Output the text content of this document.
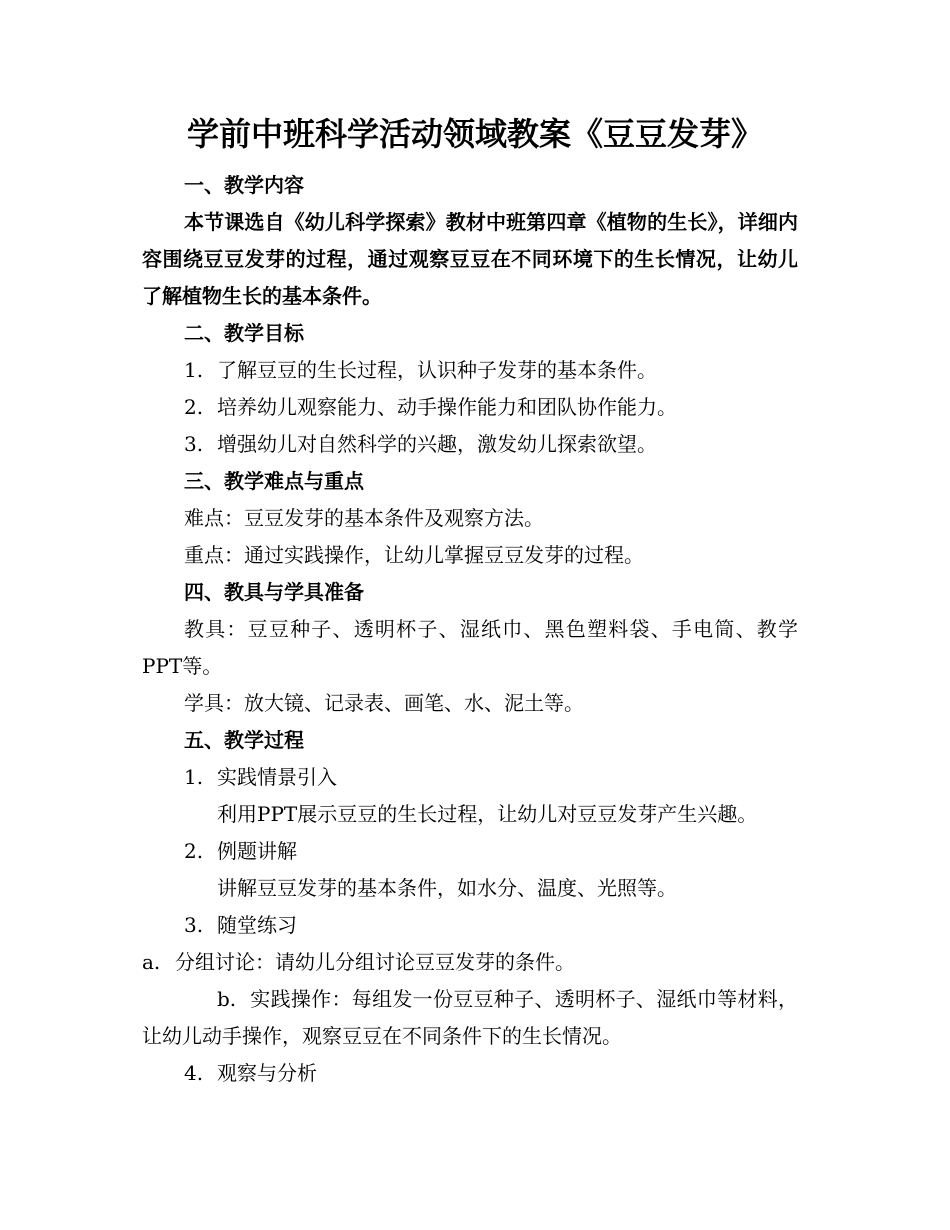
学前中班科学活动领域教案《豆豆发芽》

一、教学内容

本节课选自《幼儿科学探索》教材中班第四章《植物的生长》，详细内容围绕豆豆发芽的过程，通过观察豆豆在不同环境下的生长情况，让幼儿了解植物生长的基本条件。

二、教学目标

1. 了解豆豆的生长过程，认识种子发芽的基本条件。

2. 培养幼儿观察能力、动手操作能力和团队协作能力。

3. 增强幼儿对自然科学的兴趣，激发幼儿探索欲望。

三、教学难点与重点

难点：豆豆发芽的基本条件及观察方法。

重点：通过实践操作，让幼儿掌握豆豆发芽的过程。

四、教具与学具准备

教具：豆豆种子、透明杯子、湿纸巾、黑色塑料袋、手电筒、教学PPT等。

学具：放大镜、记录表、画笔、水、泥土等。

五、教学过程

1. 实践情景引入

利用PPT展示豆豆的生长过程，让幼儿对豆豆发芽产生兴趣。

2. 例题讲解

讲解豆豆发芽的基本条件，如水分、温度、光照等。

3. 随堂练习

a. 分组讨论：请幼儿分组讨论豆豆发芽的条件。

b. 实践操作：每组发一份豆豆种子、透明杯子、湿纸巾等材料，让幼儿动手操作，观察豆豆在不同条件下的生长情况。

4. 观察与分析
